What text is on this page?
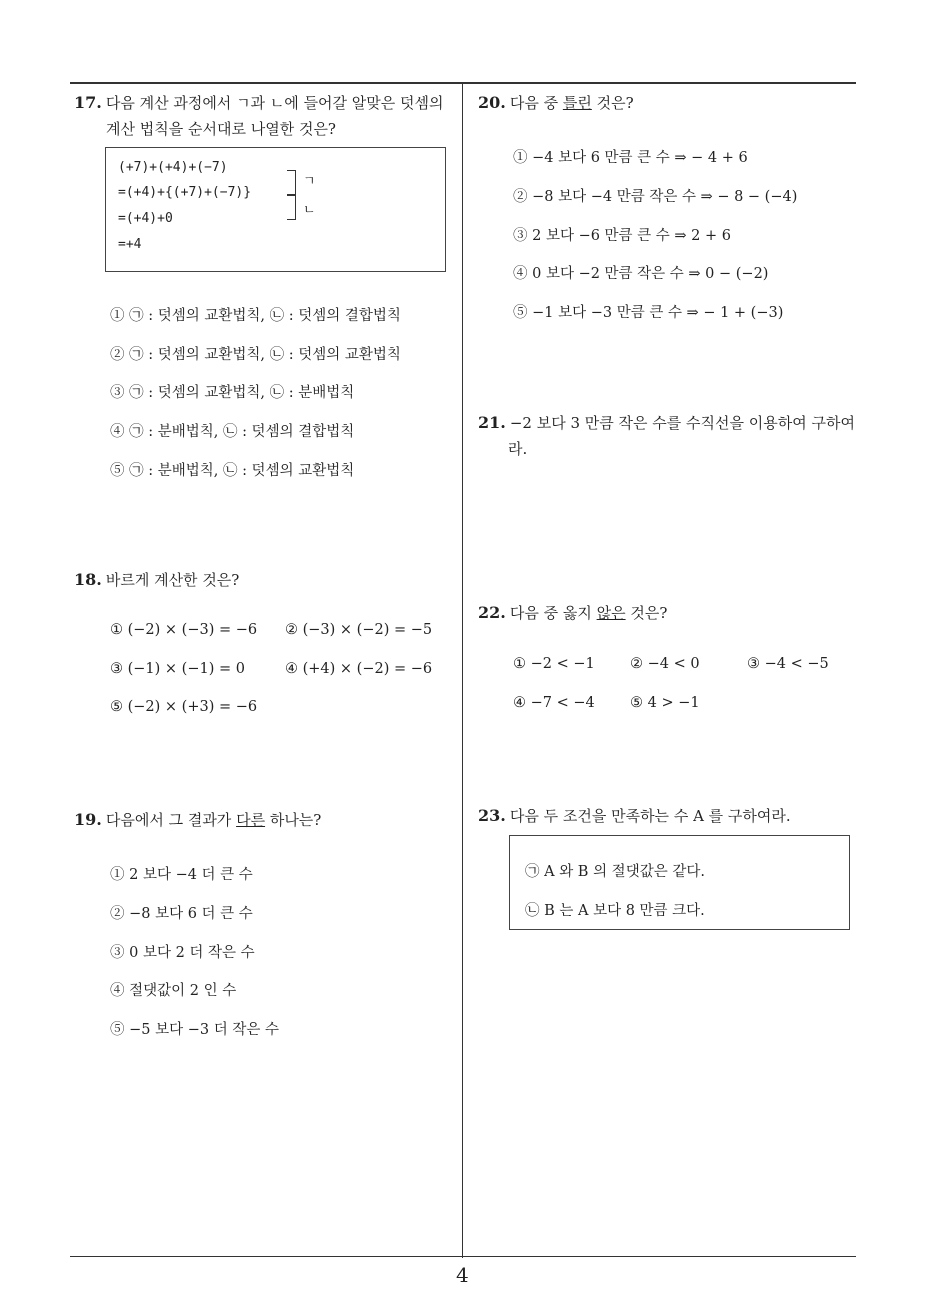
17. 다음 계산 과정에서 ㄱ과 ㄴ에 들어갈 알맞은 덧셈의
계산 법칙을 순서대로 나열한 것은?
(+7)+(+4)+(−7)
=(+4)+{(+7)+(−7)}
=(+4)+0
=+4
ㄱ
ㄴ
① ㉠ : 덧셈의 교환법칙, ㉡ : 덧셈의 결합법칙
② ㉠ : 덧셈의 교환법칙, ㉡ : 덧셈의 교환법칙
③ ㉠ : 덧셈의 교환법칙, ㉡ : 분배법칙
④ ㉠ : 분배법칙, ㉡ : 덧셈의 결합법칙
⑤ ㉠ : 분배법칙, ㉡ : 덧셈의 교환법칙
18. 바르게 계산한 것은?
① (−2) × (−3) = −6 ② (−3) × (−2) = −5
③ (−1) × (−1) = 0	④ (+4) × (−2) = −6
⑤ (−2) × (+3) = −6
19. 다음에서 그 결과가 다른 하나는?
① 2 보다 −4 더 큰 수
② −8 보다 6 더 큰 수
③ 0 보다 2 더 작은 수
④ 절댓값이 2 인 수
⑤ −5 보다 −3 더 작은 수
20. 다음 중 틀린 것은?
① −4 보다 6 만큼 큰 수 ⇒ − 4 + 6
② −8 보다 −4 만큼 작은 수 ⇒ − 8 − (−4)
③ 2 보다 −6 만큼 큰 수 ⇒ 2 + 6
④ 0 보다 −2 만큼 작은 수 ⇒ 0 − (−2)
⑤ −1 보다 −3 만큼 큰 수 ⇒ − 1 + (−3)
21. −2 보다 3 만큼 작은 수를 수직선을 이용하여 구하여
라.
22. 다음 중 옳지 않은 것은?
① −2 < −1 ② −4 < 0	③ −4 < −5
④ −7 < −4 ⑤ 4 > −1
23. 다음 두 조건을 만족하는 수 A 를 구하여라.
㉠ A 와 B 의 절댓값은 같다.
㉡ B 는 A 보다 8 만큼 크다.
4
